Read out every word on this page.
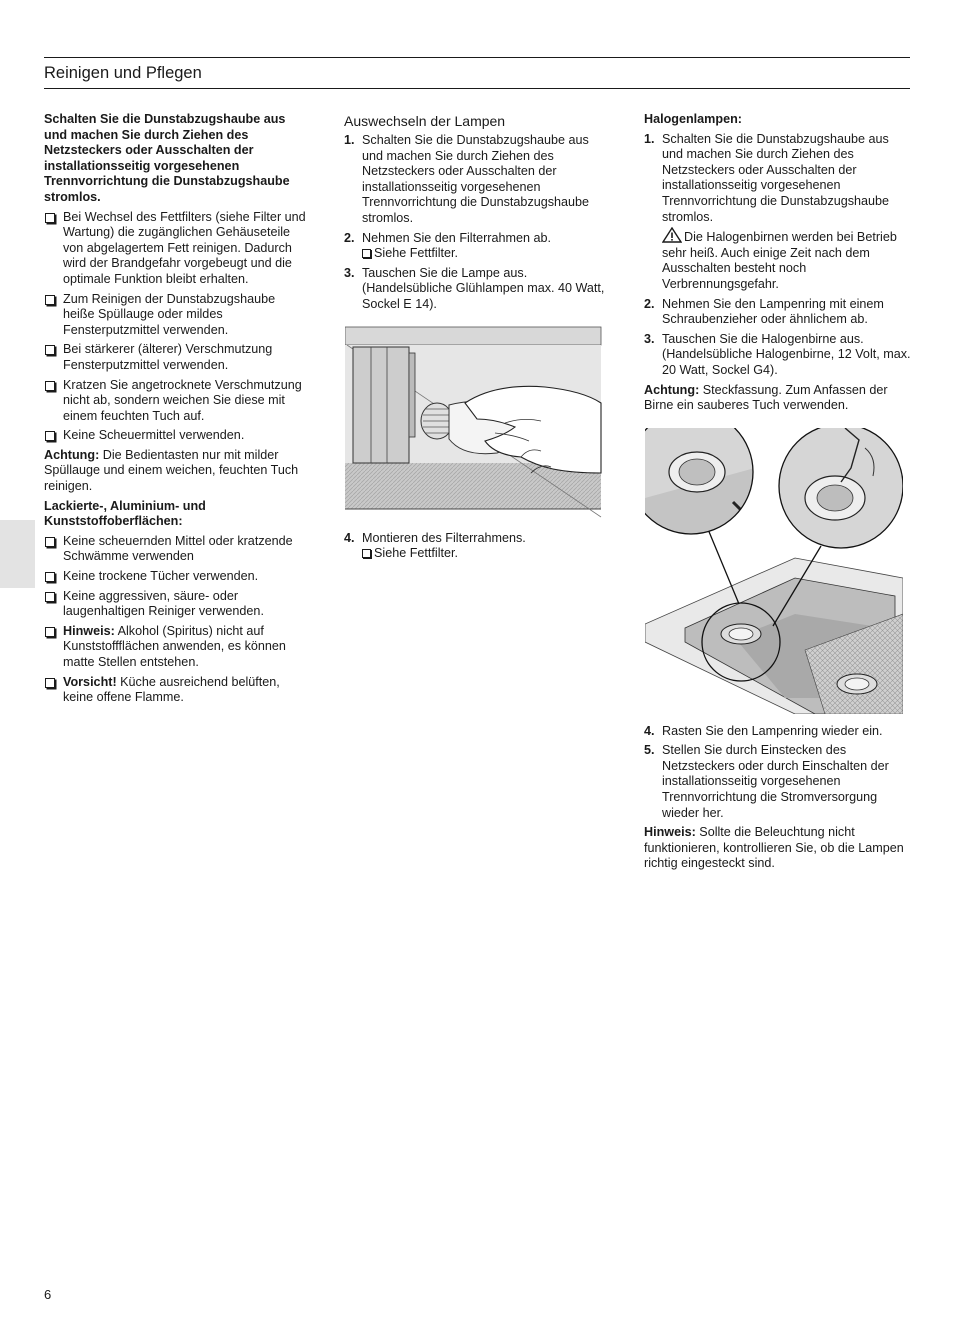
Reinigen und Pflegen

Schalten Sie die Dunstabzugshaube aus und machen Sie durch Ziehen des Netzsteckers oder Ausschalten der installationsseitig vorgesehenen Trennvorrichtung die Dunstabzugshaube stromlos.

Bei Wechsel des Fettfilters (siehe Filter und Wartung) die zugänglichen Gehäuseteile von abgelagertem Fett reinigen. Dadurch wird der Brandgefahr vorgebeugt und die optimale Funktion bleibt erhalten.
Zum Reinigen der Dunstabzugshaube heiße Spüllauge oder mildes Fensterputzmittel verwenden.
Bei stärkerer (älterer) Verschmutzung Fensterputzmittel verwenden.
Kratzen Sie angetrocknete Verschmutzung nicht ab, sondern weichen Sie diese mit einem feuchten Tuch auf.
Keine Scheuermittel verwenden.

Achtung: Die Bedientasten nur mit milder Spüllauge und einem weichen, feuchten Tuch reinigen.

Lackierte-, Aluminium- und Kunststoffoberflächen:

Keine scheuernden Mittel oder kratzende Schwämme verwenden
Keine trockene Tücher verwenden.
Keine aggressiven, säure- oder laugenhaltigen Reiniger verwenden.
Hinweis: Alkohol (Spiritus) nicht auf Kunststoffflächen anwenden, es können matte Stellen entstehen.
Vorsicht! Küche ausreichend belüften, keine offene Flamme.

Auswechseln der Lampen

1. Schalten Sie die Dunstabzugshaube aus und machen Sie durch Ziehen des Netzsteckers oder Ausschalten der installationsseitig vorgesehenen Trennvorrichtung die Dunstabzugshaube stromlos.
2. Nehmen Sie den Filterrahmen ab.
Siehe Fettfilter.
3. Tauschen Sie die Lampe aus. (Handelsübliche Glühlampen max. 40 Watt, Sockel E 14).
4. Montieren des Filterrahmens.
Siehe Fettfilter.

Halogenlampen:

1. Schalten Sie die Dunstabzugshaube aus und machen Sie durch Ziehen des Netzsteckers oder Ausschalten der installationsseitig vorgesehenen Trennvorrichtung die Dunstabzugshaube stromlos.
Die Halogenbirnen werden bei Betrieb sehr heiß. Auch einige Zeit nach dem Ausschalten besteht noch Verbrennungsgefahr.
2. Nehmen Sie den Lampenring mit einem Schraubenzieher oder ähnlichem ab.
3. Tauschen Sie die Halogenbirne aus. (Handelsübliche Halogenbirne, 12 Volt, max. 20 Watt, Sockel G4).

Achtung: Steckfassung. Zum Anfassen der Birne ein sauberes Tuch verwenden.

4. Rasten Sie den Lampenring wieder ein.
5. Stellen Sie durch Einstecken des Netzsteckers oder durch Einschalten der installationsseitig vorgesehenen Trennvorrichtung die Stromversorgung wieder her.

Hinweis: Sollte die Beleuchtung nicht funktionieren, kontrollieren Sie, ob die Lampen richtig eingesteckt sind.

6
